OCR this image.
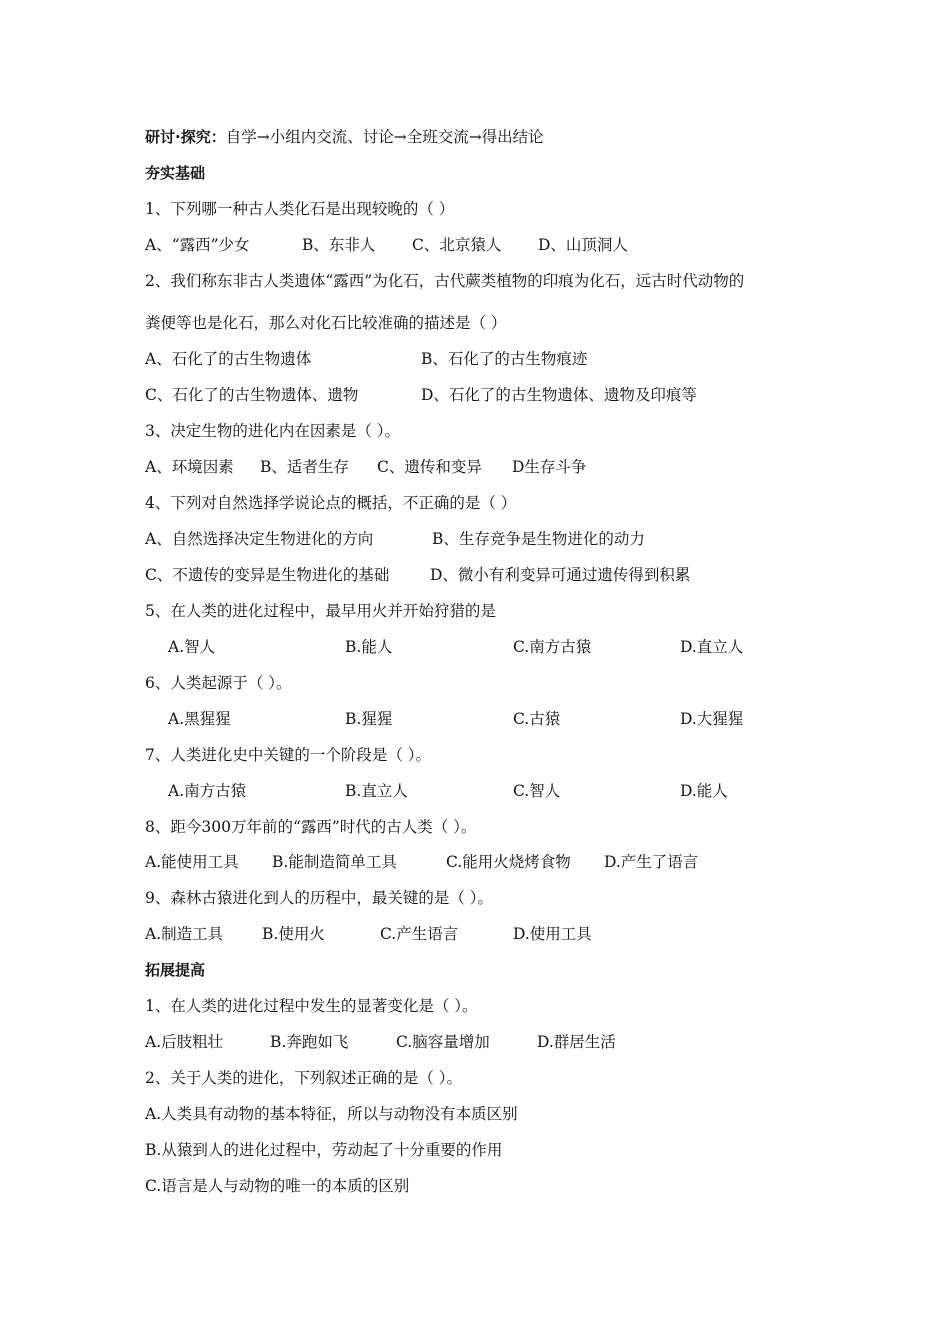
研讨·探究：自学→小组内交流、讨论→全班交流→得出结论
夯实基础
1、下列哪一种古人类化石是出现较晚的（ ）
A、“露西”少女	B、东非人 C、北京猿人 D、山顶洞人
2、我们称东非古人类遗体“露西”为化石，古代蕨类植物的印痕为化石，远古时代动物的
粪便等也是化石，那么对化石比较准确的描述是（ ）
A、石化了的古生物遗体	B、石化了的古生物痕迹
C、石化了的古生物遗体、遗物	D、石化了的古生物遗体、遗物及印痕等
3、决定生物的进化内在因素是（ ）。
A、环境因素 B、适者生存 C、遗传和变异 D生存斗争
4、下列对自然选择学说论点的概括，不正确的是（ ）
A、自然选择决定生物进化的方向	B、生存竞争是生物进化的动力
C、不遗传的变异是生物进化的基础	D、微小有利变异可通过遗传得到积累
5、在人类的进化过程中，最早用火并开始狩猎的是
A.智人	B.能人	C.南方古猿	D.直立人
6、人类起源于（ ）。
A.黑猩猩	B.猩猩	C.古猿	D.大猩猩
7、人类进化史中关键的一个阶段是（ ）。
A.南方古猿	B.直立人	C.智人	D.能人
8、距今300万年前的“露西”时代的古人类（ ）。
A.能使用工具 B.能制造简单工具	C.能用火烧烤食物 D.产生了语言
9、森林古猿进化到人的历程中，最关键的是（ ）。
A.制造工具	B.使用火	C.产生语言	D.使用工具
拓展提高
1、在人类的进化过程中发生的显著变化是（ ）。
A.后肢粗壮	B.奔跑如飞	C.脑容量增加	D.群居生活
2、关于人类的进化，下列叙述正确的是（ ）。
A.人类具有动物的基本特征，所以与动物没有本质区别
B.从猿到人的进化过程中，劳动起了十分重要的作用
C.语言是人与动物的唯一的本质的区别
